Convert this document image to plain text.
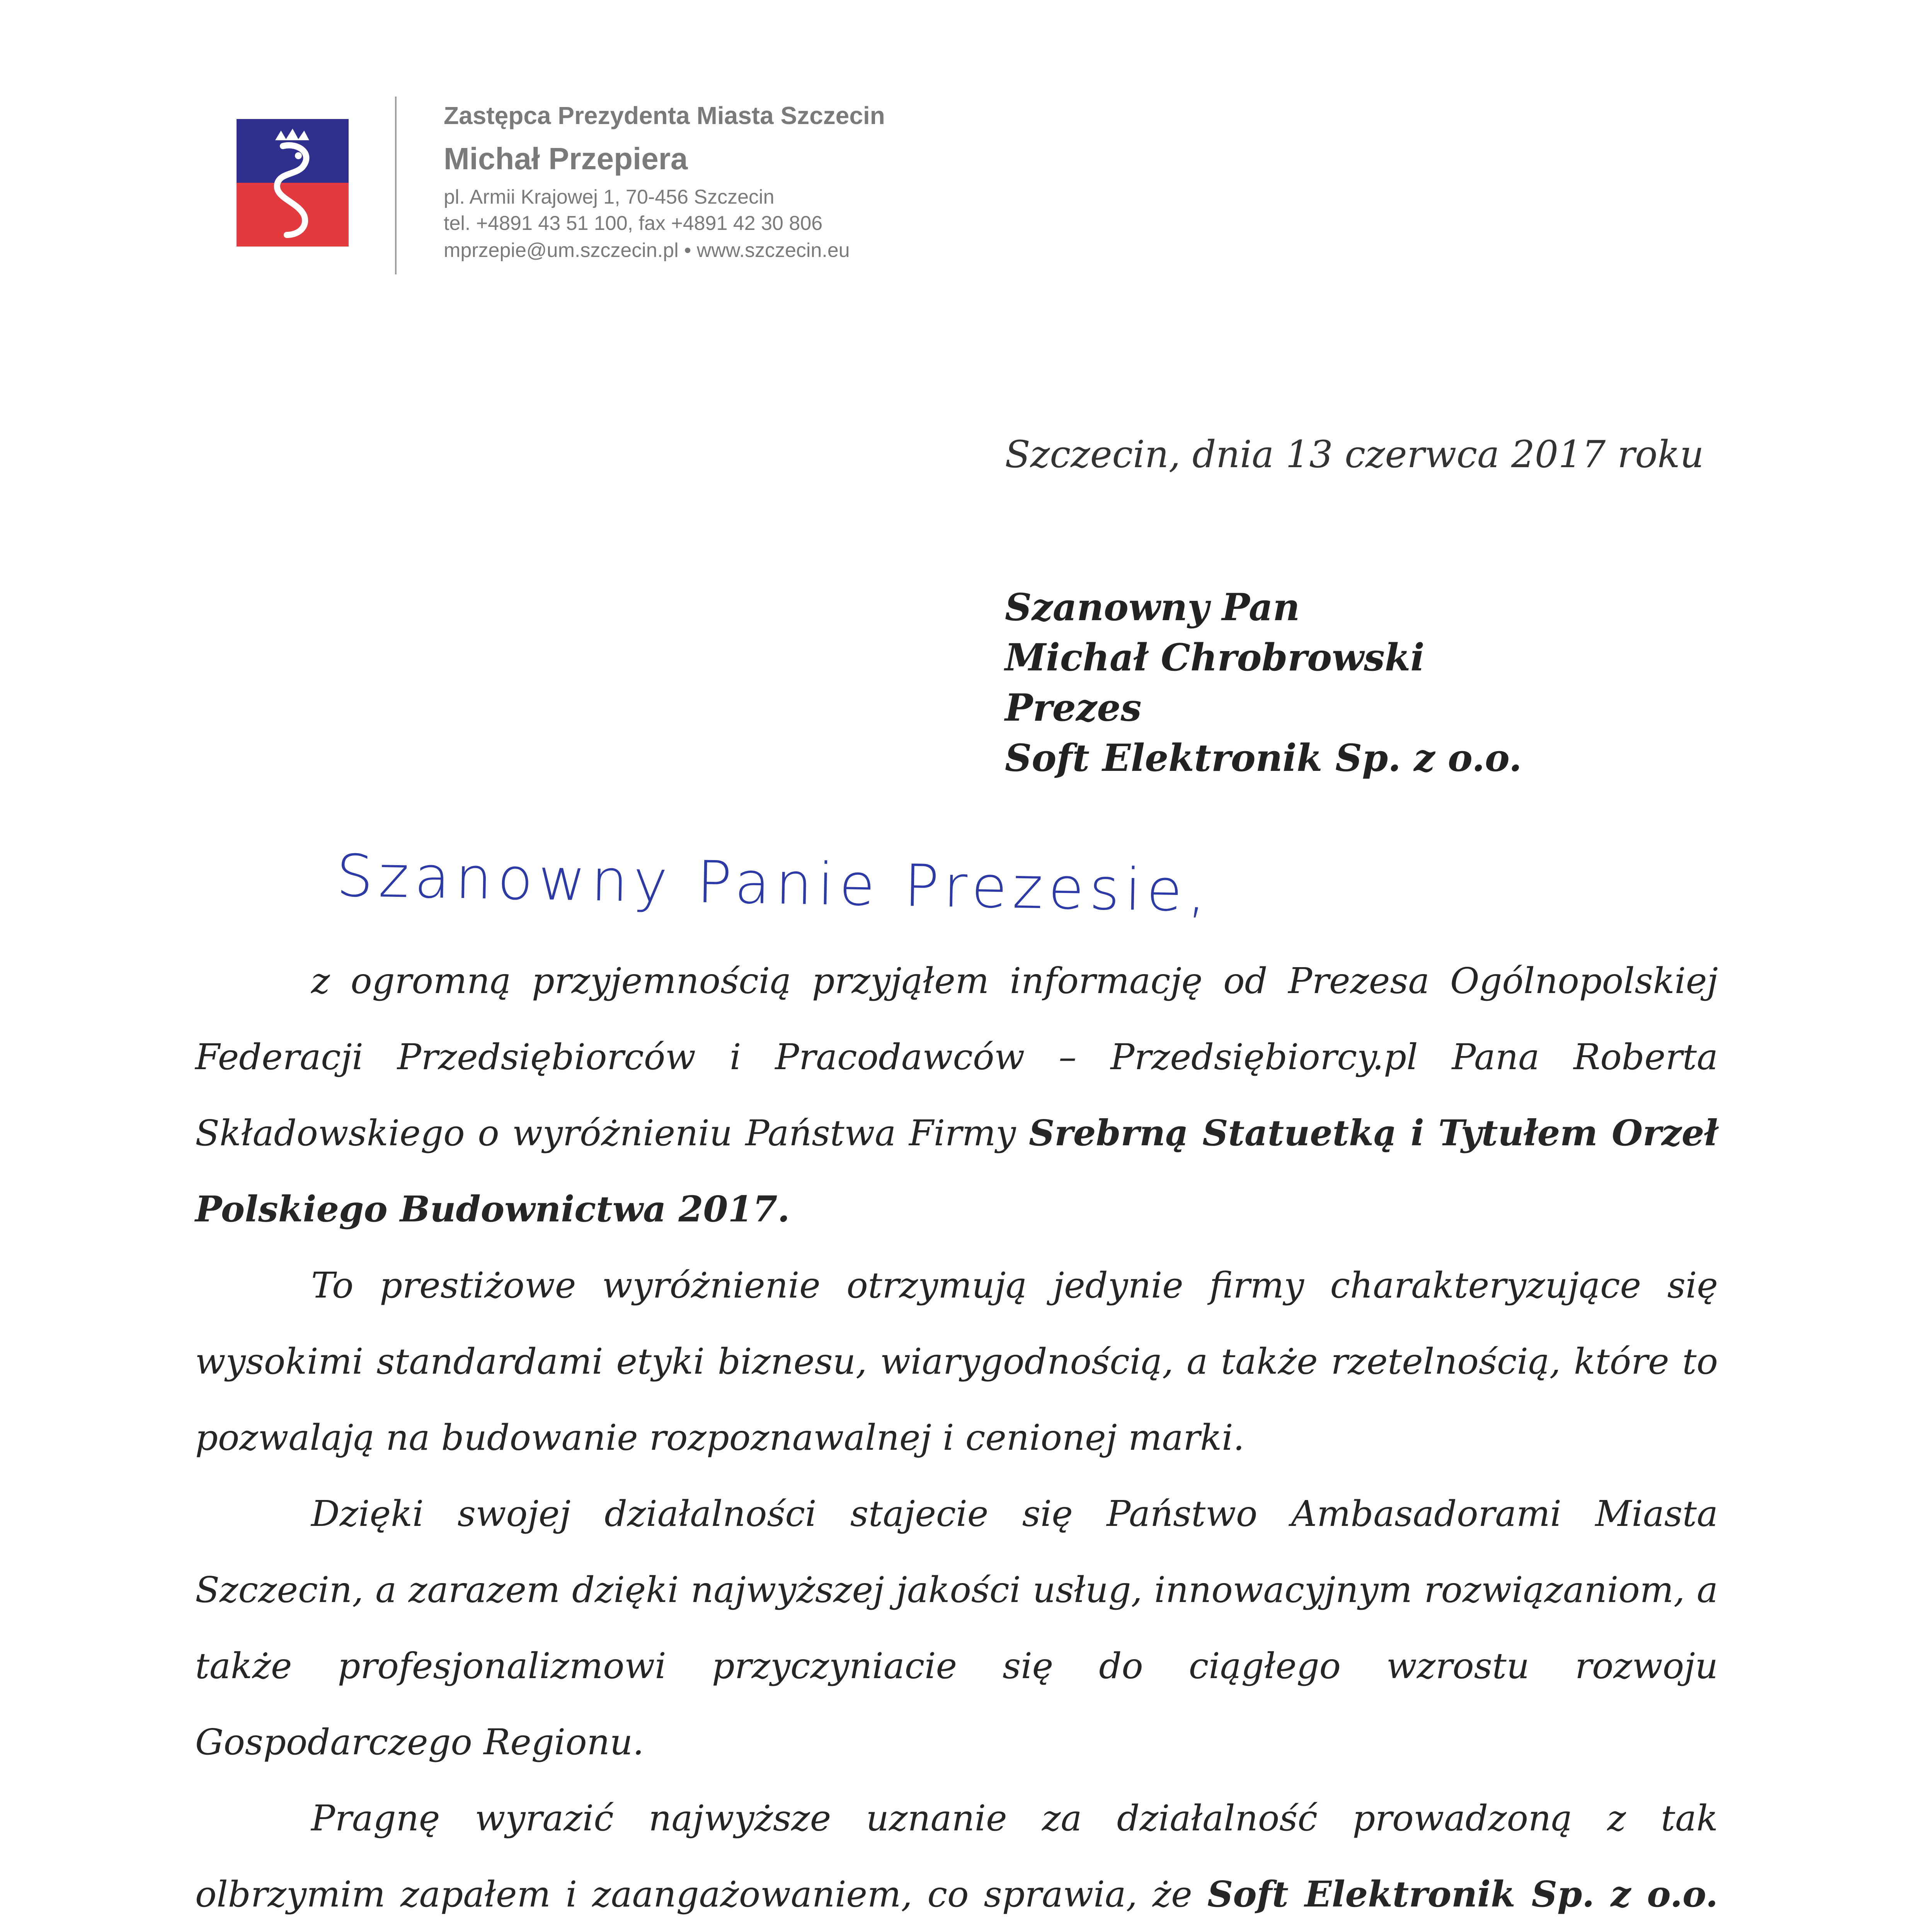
Zastępca Prezydenta Miasta Szczecin
Michał Przepiera
pl. Armii Krajowej 1, 70-456 Szczecin
tel. +4891 43 51 100, fax +4891 42 30 806
mprzepie@um.szczecin.pl • www.szczecin.eu
Szczecin, dnia 13 czerwca 2017 roku
Szanowny Pan
Michał Chrobrowski
Prezes
Soft Elektronik Sp. z o.o.
Szanowny Panie Prezesie,

z ogromną przyjemnością przyjąłem informację od Prezesa Ogólnopolskiej Federacji Przedsiębiorców i Pracodawców – Przedsiębiorcy.pl Pana Roberta Składowskiego o wyróżnieniu Państwa Firmy Srebrną Statuetką i Tytułem Orzeł Polskiego Budownictwa 2017.

To prestiżowe wyróżnienie otrzymują jedynie firmy charakteryzujące się wysokimi standardami etyki biznesu, wiarygodnością, a także rzetelnością, które to pozwalają na budowanie rozpoznawalnej i cenionej marki.

Dzięki swojej działalności stajecie się Państwo Ambasadorami Miasta Szczecin, a zarazem dzięki najwyższej jakości usług, innowacyjnym rozwiązaniom, a także profesjonalizmowi przyczyniacie się do ciągłego wzrostu rozwoju Gospodarczego Regionu.

Pragnę wyrazić najwyższe uznanie za działalność prowadzoną z tak olbrzymim zapałem i zaangażowaniem, co sprawia, że Soft Elektronik Sp. z o.o.
